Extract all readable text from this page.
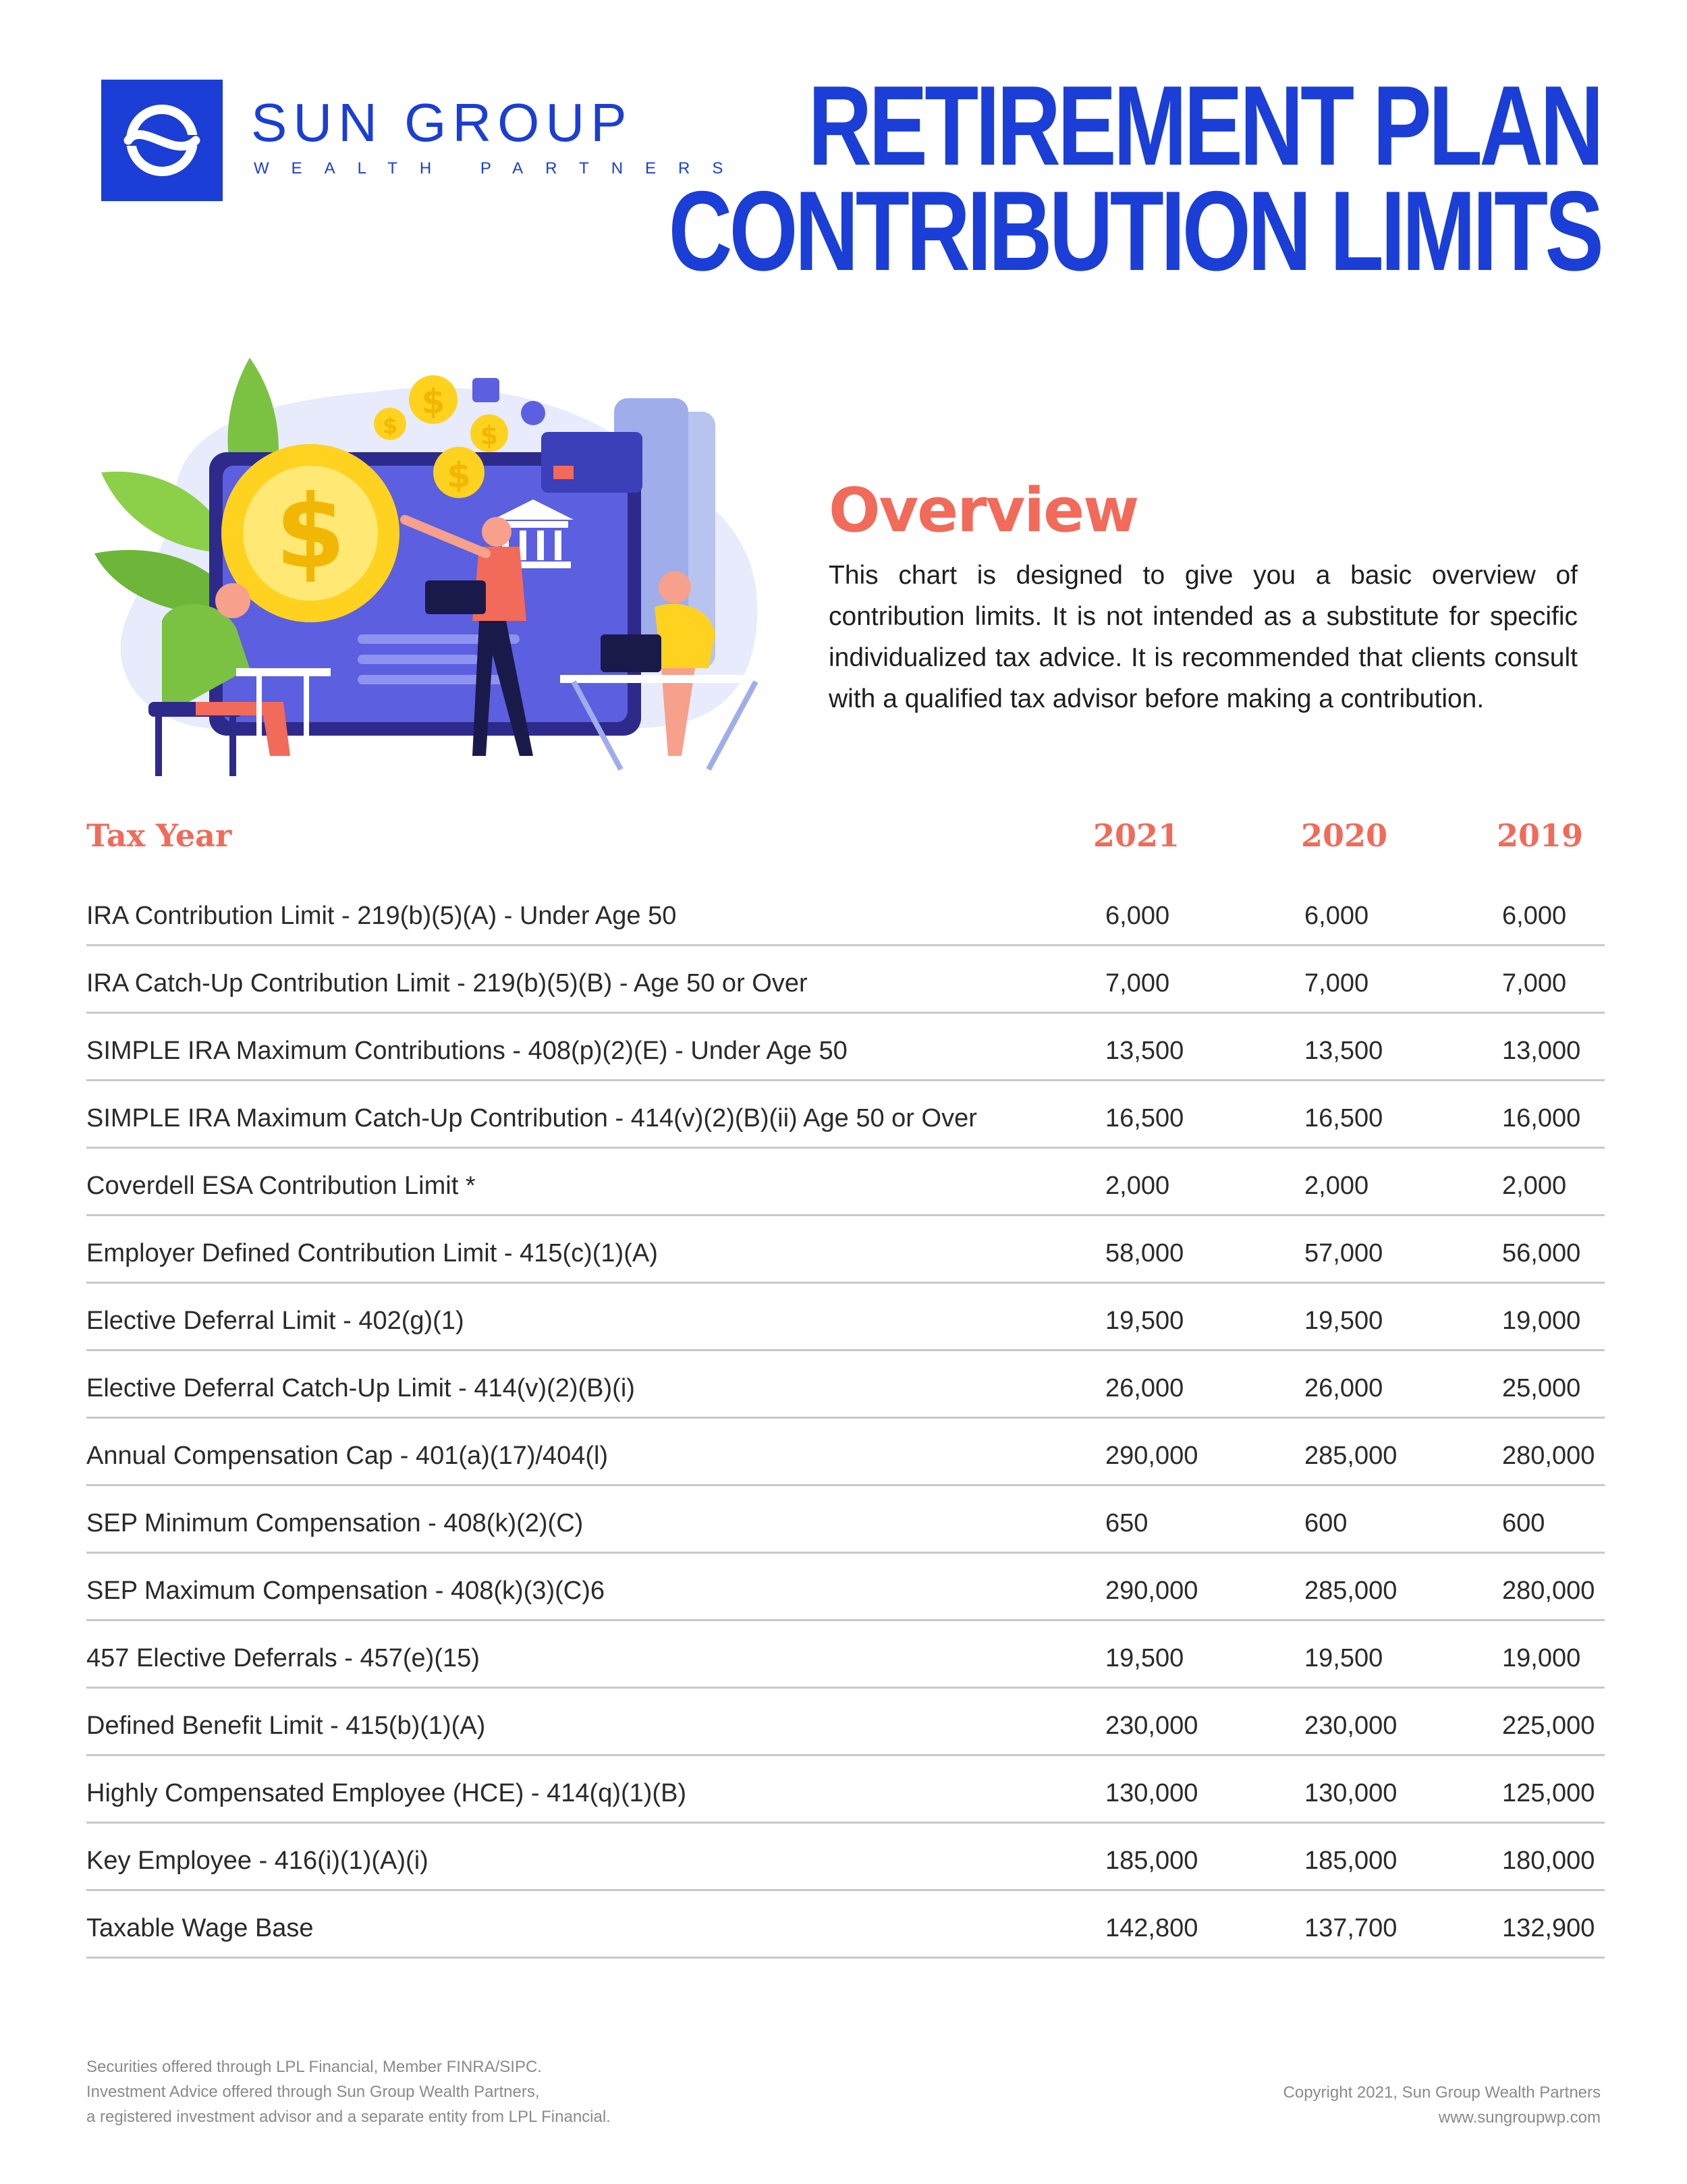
SUN GROUP
WEALTH PARTNERS RETIREMENT PLAN
CONTRIBUTION LIMITS
$
$
$	$
$	Overview
This chart is designed to give you a basic overview of contribution limits. It is not intended as a substitute for specific individualized tax advice. It is recommended that clients consult with a qualified tax advisor before making a contribution.
Tax Year	2021	2020	2019
IRA Contribution Limit - 219(b)(5)(A) - Under Age 50	6,000	6,000	6,000
IRA Catch-Up Contribution Limit - 219(b)(5)(B) - Age 50 or Over	7,000	7,000	7,000
SIMPLE IRA Maximum Contributions - 408(p)(2)(E) - Under Age 50	13,500	13,500	13,000
SIMPLE IRA Maximum Catch-Up Contribution - 414(v)(2)(B)(ii) Age 50 or Over	16,500	16,500	16,000
Coverdell ESA Contribution Limit *	2,000	2,000	2,000
Employer Defined Contribution Limit - 415(c)(1)(A)	58,000	57,000	56,000
Elective Deferral Limit - 402(g)(1)	19,500	19,500	19,000
Elective Deferral Catch-Up Limit - 414(v)(2)(B)(i)	26,000	26,000	25,000
Annual Compensation Cap - 401(a)(17)/404(l)	290,000	285,000	280,000
SEP Minimum Compensation - 408(k)(2)(C)	650	600	600
SEP Maximum Compensation - 408(k)(3)(C)6	290,000	285,000	280,000
457 Elective Deferrals - 457(e)(15)	19,500	19,500	19,000
Defined Benefit Limit - 415(b)(1)(A)	230,000	230,000	225,000
Highly Compensated Employee (HCE) - 414(q)(1)(B)	130,000	130,000	125,000
Key Employee - 416(i)(1)(A)(i)	185,000	185,000	180,000
Taxable Wage Base	142,800	137,700	132,900
Securities offered through LPL Financial, Member FINRA/SIPC.
Investment Advice offered through Sun Group Wealth Partners,
a registered investment advisor and a separate entity from LPL Financial.
Copyright 2021, Sun Group Wealth Partners
www.sungroupwp.com
